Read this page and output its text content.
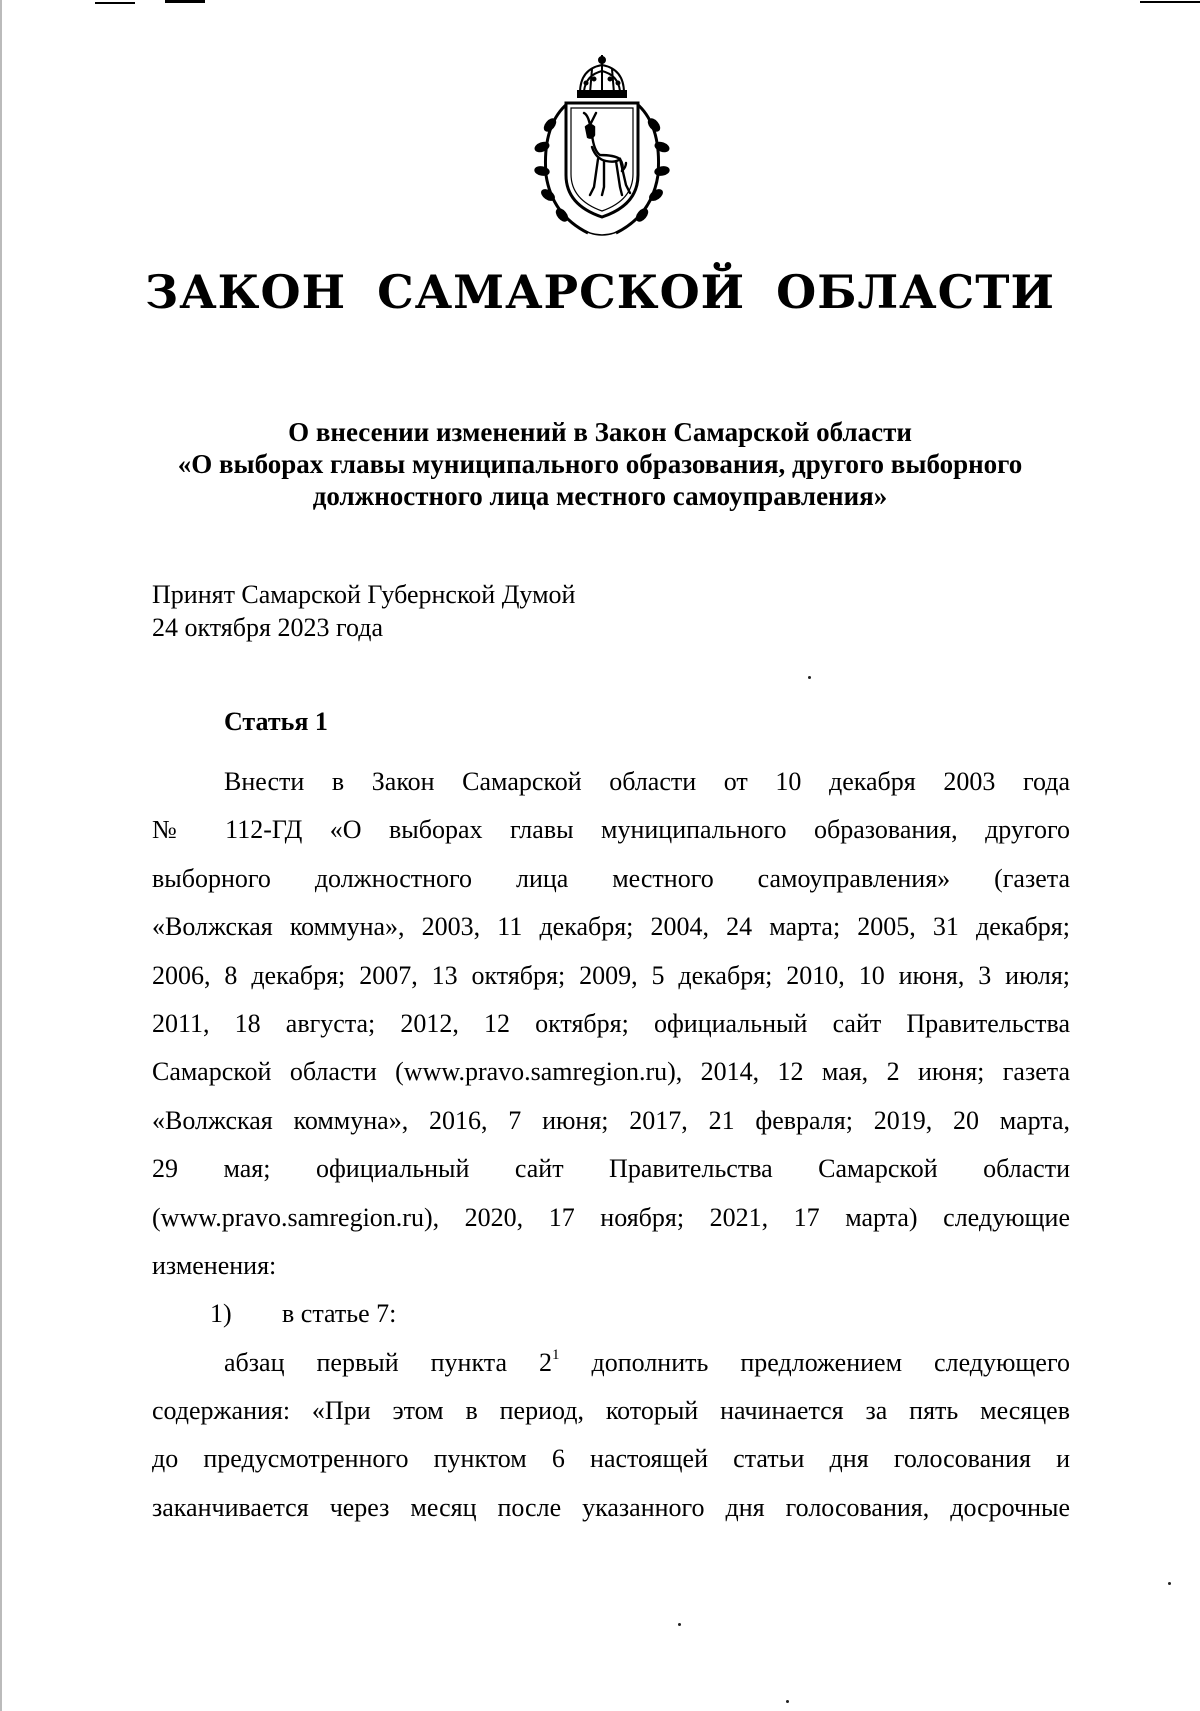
ЗАКОН САМАРСКОЙ ОБЛАСТИ
О внесении изменений в Закон Самарской области
«О выборах главы муниципального образования, другого выборного
должностного лица местного самоуправления»
Принят Самарской Губернской Думой
24 октября 2023 года
Статья 1
Внести в Закон Самарской области от 10 декабря 2003 года
№ 112-ГД «О выборах главы муниципального образования, другого
выборного должностного лица местного самоуправления» (газета
«Волжская коммуна», 2003, 11 декабря; 2004, 24 марта; 2005, 31 декабря;
2006, 8 декабря; 2007, 13 октября; 2009, 5 декабря; 2010, 10 июня, 3 июля;
2011, 18 августа; 2012, 12 октября; официальный сайт Правительства
Самарской области (www.pravo.samregion.ru), 2014, 12 мая, 2 июня; газета
«Волжская коммуна», 2016, 7 июня; 2017, 21 февраля; 2019, 20 марта,
29 мая; официальный сайт Правительства Самарской области
(www.pravo.samregion.ru), 2020, 17 ноября; 2021, 17 марта) следующие
изменения:
1) в статье 7:
абзац первый пункта $2^1$ дополнить предложением следующего
содержания: «При этом в период, который начинается за пять месяцев
до предусмотренного пунктом 6 настоящей статьи дня голосования и
заканчивается через месяц после указанного дня голосования, досрочные
